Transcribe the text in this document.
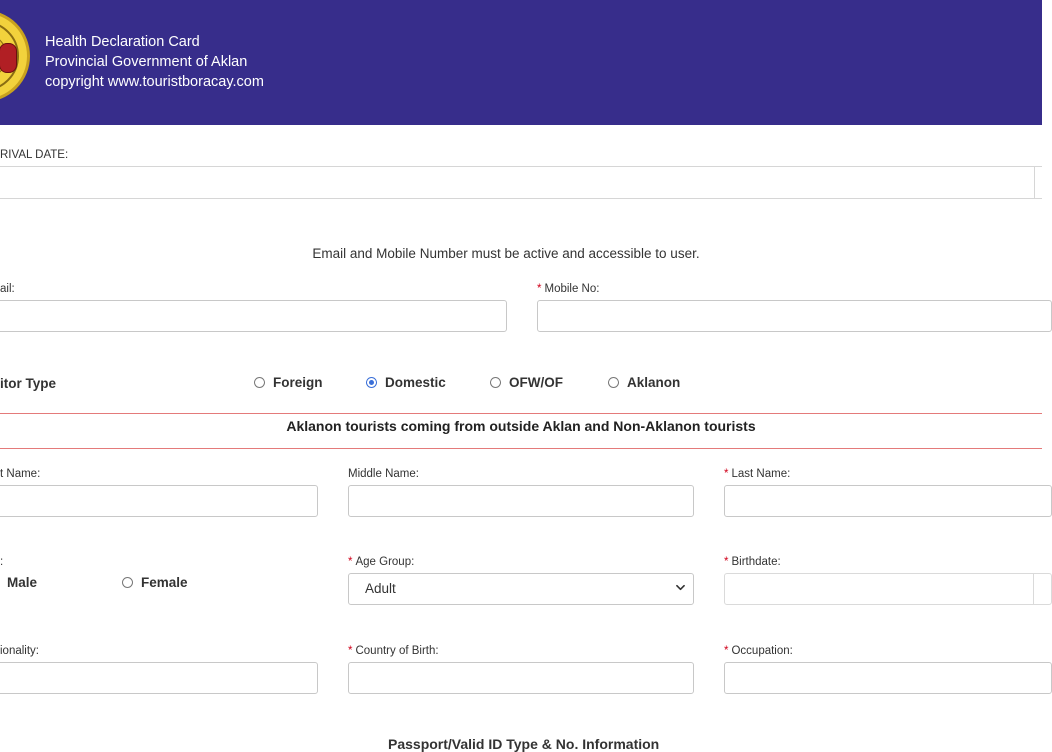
Health Declaration Card
Provincial Government of Aklan
copyright www.touristboracay.com
RIVAL DATE:
Email and Mobile Number must be active and accessible to user.
ail:	* Mobile No:
itor Type	Foreign	Domestic	OFW/OF	Aklanon
Aklanon tourists coming from outside Aklan and Non-Aklanon tourists
t Name:	Middle Name:	* Last Name:
:
Male	Female
* Age Group:
Adult
* Birthdate:
ionality:	* Country of Birth:	* Occupation:
Passport/Valid ID Type & No. Information
